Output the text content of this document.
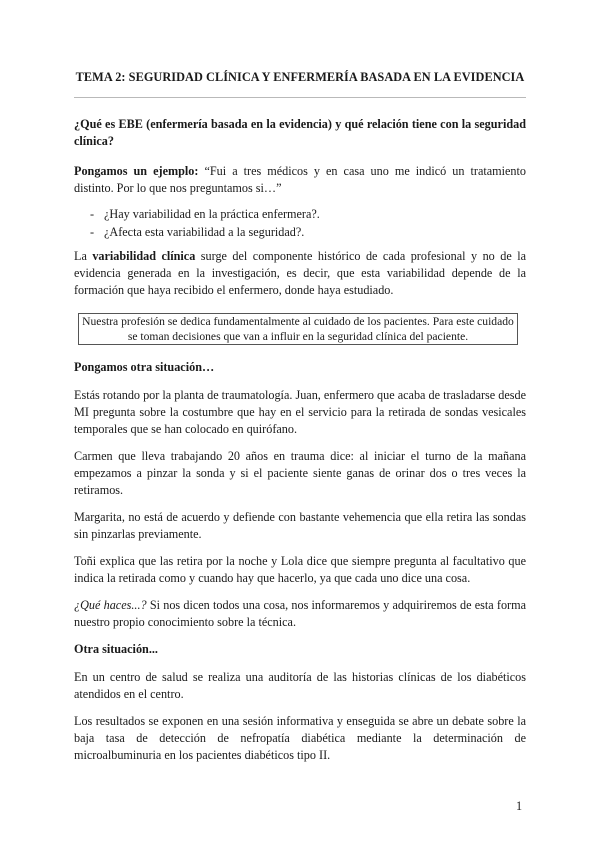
TEMA 2: SEGURIDAD CLÍNICA Y ENFERMERÍA BASADA EN LA EVIDENCIA

¿Qué es EBE (enfermería basada en la evidencia) y qué relación tiene con la seguridad clínica?

Pongamos un ejemplo: “Fui a tres médicos y en casa uno me indicó un tratamiento distinto. Por lo que nos preguntamos si…”

- ¿Hay variabilidad en la práctica enfermera?.
- ¿Afecta esta variabilidad a la seguridad?.

La variabilidad clínica surge del componente histórico de cada profesional y no de la evidencia generada en la investigación, es decir, que esta variabilidad depende de la formación que haya recibido el enfermero, donde haya estudiado.

Nuestra profesión se dedica fundamentalmente al cuidado de los pacientes. Para este cuidado se toman decisiones que van a influir en la seguridad clínica del paciente.

Pongamos otra situación…

Estás rotando por la planta de traumatología. Juan, enfermero que acaba de trasladarse desde MI pregunta sobre la costumbre que hay en el servicio para la retirada de sondas vesicales temporales que se han colocado en quirófano.

Carmen que lleva trabajando 20 años en trauma dice: al iniciar el turno de la mañana empezamos a pinzar la sonda y si el paciente siente ganas de orinar dos o tres veces la retiramos.

Margarita, no está de acuerdo y defiende con bastante vehemencia que ella retira las sondas sin pinzarlas previamente.

Toñi explica que las retira por la noche y Lola dice que siempre pregunta al facultativo que indica la retirada como y cuando hay que hacerlo, ya que cada uno dice una cosa.

¿Qué haces...? Si nos dicen todos una cosa, nos informaremos y adquiriremos de esta forma nuestro propio conocimiento sobre la técnica.

Otra situación...

En un centro de salud se realiza una auditoría de las historias clínicas de los diabéticos atendidos en el centro.

Los resultados se exponen en una sesión informativa y enseguida se abre un debate sobre la baja tasa de detección de nefropatía diabética mediante la determinación de microalbuminuria en los pacientes diabéticos tipo II.

1
